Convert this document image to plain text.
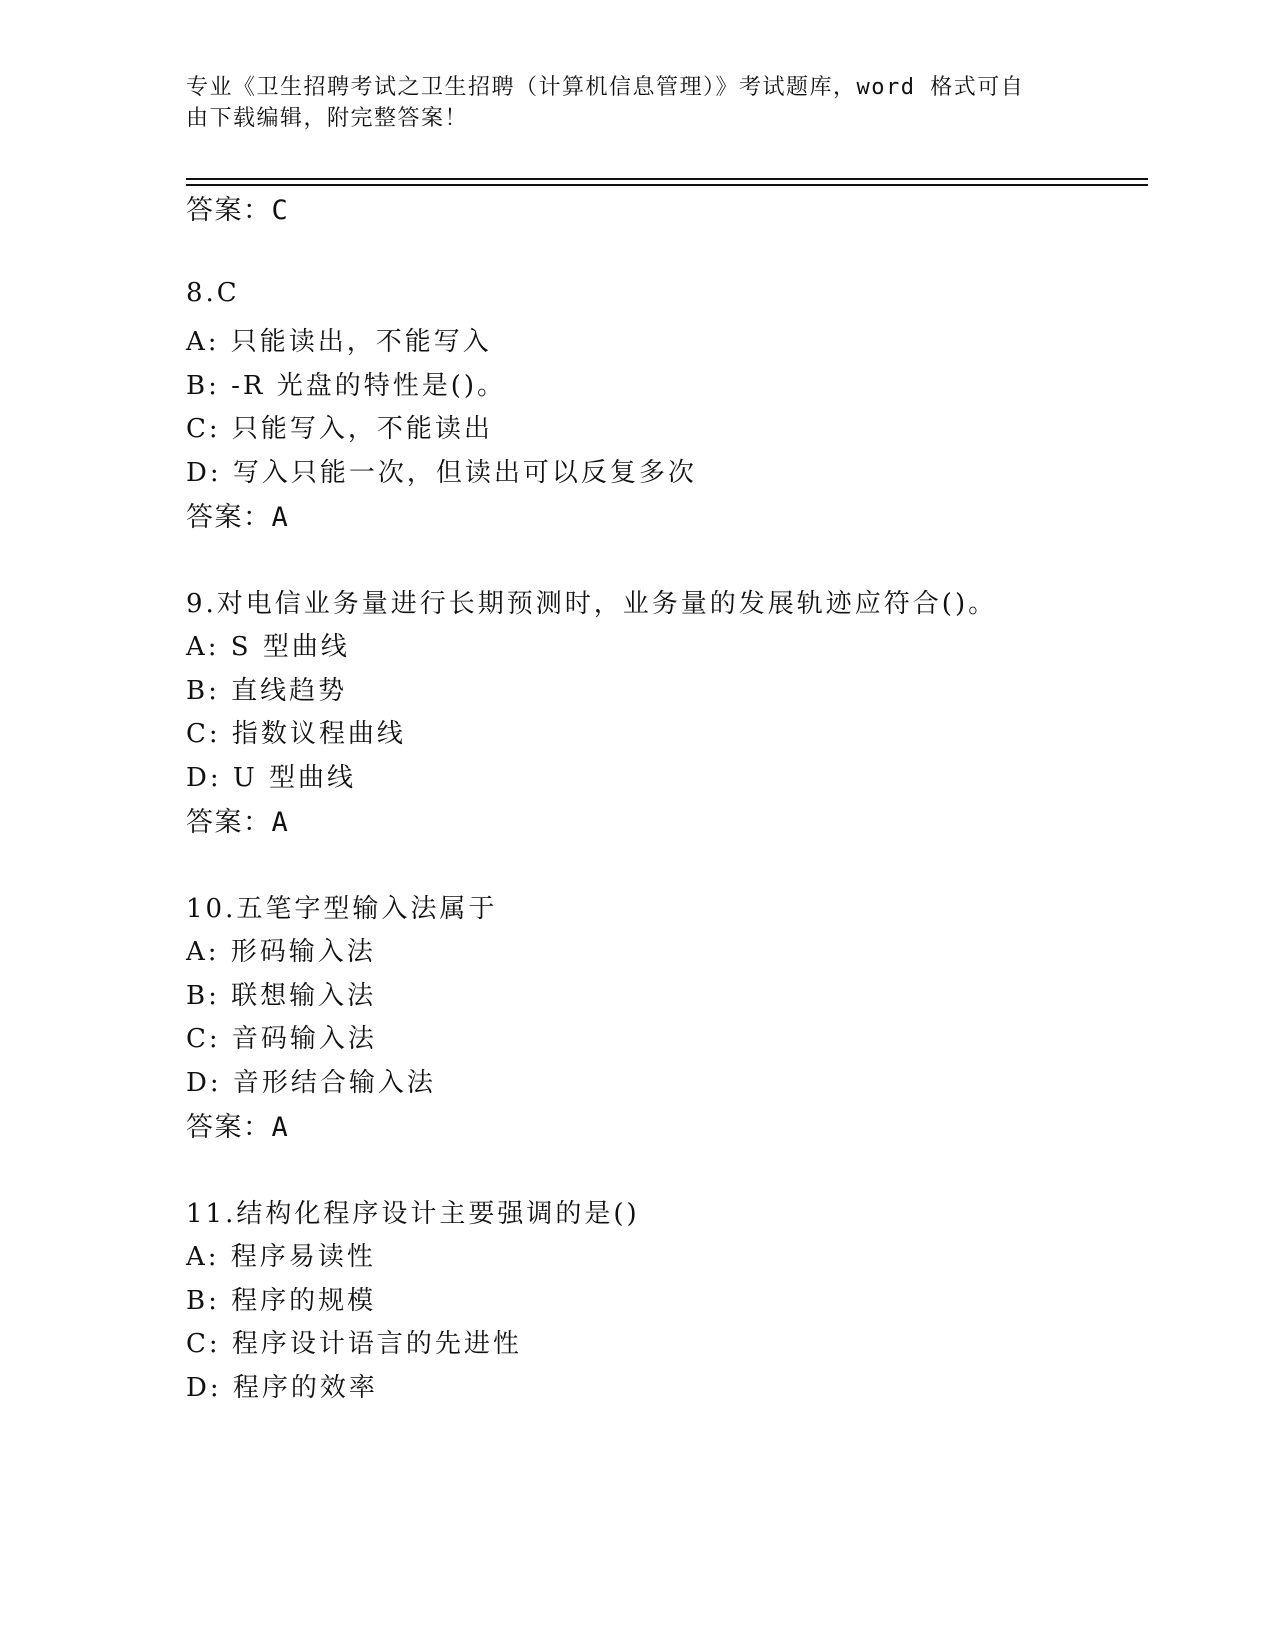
专业《卫生招聘考试之卫生招聘（计算机信息管理）》考试题库，word 格式可自
由下载编辑，附完整答案！
答案：C
8.C
A: 只能读出，不能写入
B: -R 光盘的特性是()。
C: 只能写入，不能读出
D: 写入只能一次，但读出可以反复多次
答案：A
9.对电信业务量进行长期预测时，业务量的发展轨迹应符合()。
A: S 型曲线
B: 直线趋势
C: 指数议程曲线
D: U 型曲线
答案：A
10.五笔字型输入法属于
A: 形码输入法
B: 联想输入法
C: 音码输入法
D: 音形结合输入法
答案：A
11.结构化程序设计主要强调的是()
A: 程序易读性
B: 程序的规模
C: 程序设计语言的先进性
D: 程序的效率
